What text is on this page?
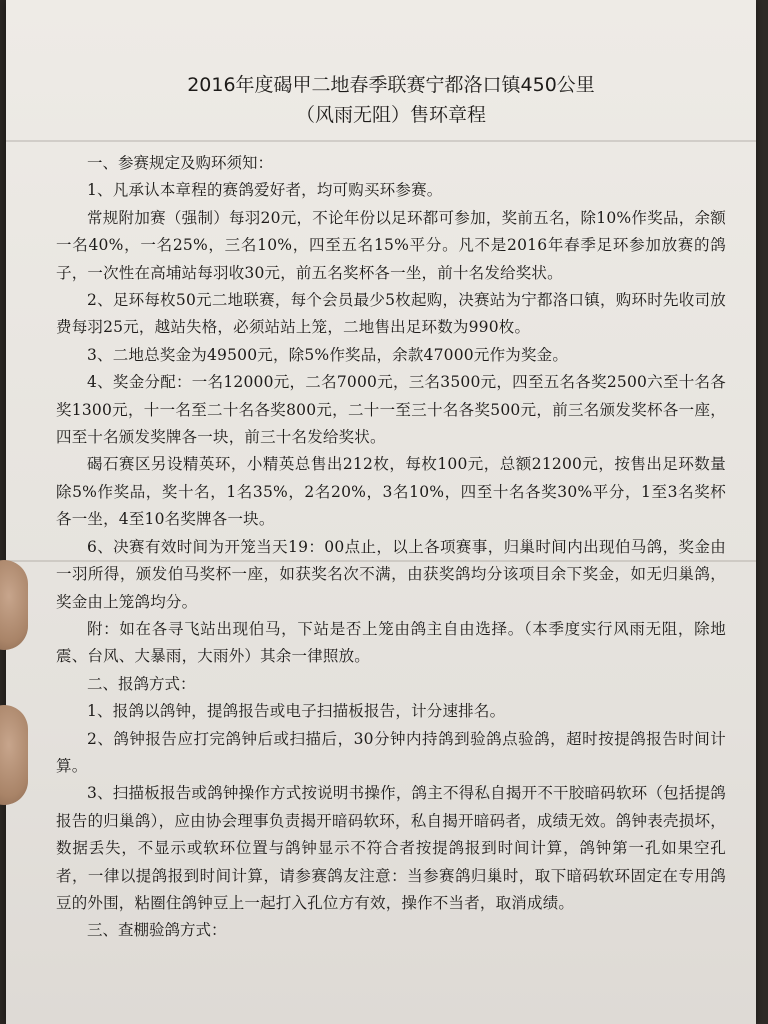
2016年度碣甲二地春季联赛宁都洛口镇450公里
（风雨无阻）售环章程

一、参赛规定及购环须知：

1、凡承认本章程的赛鸽爱好者，均可购买环参赛。

常规附加赛（强制）每羽20元，不论年份以足环都可参加，奖前五名，除10%作奖品，余额一名40%，一名25%，三名10%，四至五名15%平分。凡不是2016年春季足环参加放赛的鸽子，一次性在高埔站每羽收30元，前五名奖杯各一坐，前十名发给奖状。

2、足环每枚50元二地联赛，每个会员最少5枚起购，决赛站为宁都洛口镇，购环时先收司放费每羽25元，越站失格，必须站站上笼，二地售出足环数为990枚。

3、二地总奖金为49500元，除5%作奖品，余款47000元作为奖金。

4、奖金分配：一名12000元，二名7000元，三名3500元，四至五名各奖2500六至十名各奖1300元，十一名至二十名各奖800元，二十一至三十名各奖500元，前三名颁发奖杯各一座，四至十名颁发奖牌各一块，前三十名发给奖状。

碣石赛区另设精英环，小精英总售出212枚，每枚100元，总额21200元，按售出足环数量除5%作奖品，奖十名，1名35%，2名20%，3名10%，四至十名各奖30%平分，1至3名奖杯各一坐，4至10名奖牌各一块。

6、决赛有效时间为开笼当天19：00点止，以上各项赛事，归巢时间内出现伯马鸽，奖金由一羽所得，颁发伯马奖杯一座，如获奖名次不满，由获奖鸽均分该项目余下奖金，如无归巢鸽，奖金由上笼鸽均分。

附：如在各寻飞站出现伯马，下站是否上笼由鸽主自由选择。（本季度实行风雨无阻，除地震、台风、大暴雨，大雨外）其余一律照放。

二、报鸽方式：

1、报鸽以鸽钟，提鸽报告或电子扫描板报告，计分速排名。

2、鸽钟报告应打完鸽钟后或扫描后，30分钟内持鸽到验鸽点验鸽，超时按提鸽报告时间计算。

3、扫描板报告或鸽钟操作方式按说明书操作，鸽主不得私自揭开不干胶暗码软环（包括提鸽报告的归巢鸽），应由协会理事负责揭开暗码软环，私自揭开暗码者，成绩无效。鸽钟表壳损坏，数据丢失，不显示或软环位置与鸽钟显示不符合者按提鸽报到时间计算，鸽钟第一孔如果空孔者，一律以提鸽报到时间计算，请参赛鸽友注意：当参赛鸽归巢时，取下暗码软环固定在专用鸽豆的外围，粘圈住鸽钟豆上一起打入孔位方有效，操作不当者，取消成绩。

三、查棚验鸽方式：
